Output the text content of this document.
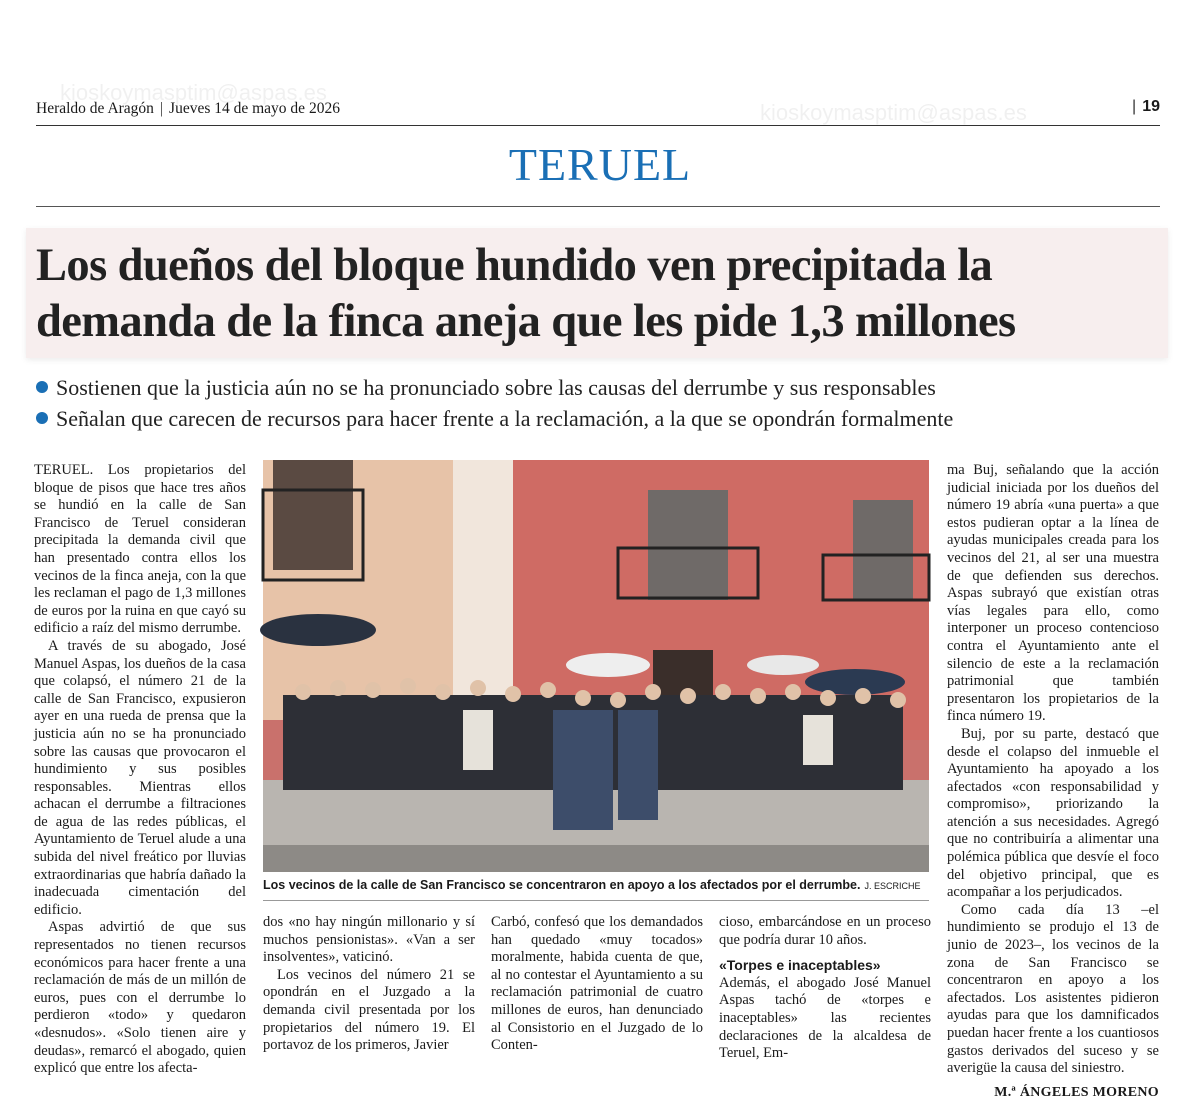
kioskoymasptim@aspas.es
kioskoymasptim@aspas.es
Heraldo de Aragón | Jueves 14 de mayo de 2026	| 19
TERUEL
Los dueños del bloque hundido ven precipitada la
demanda de la finca aneja que les pide 1,3 millones
Sostienen que la justicia aún no se ha pronunciado sobre las causas del derrumbe y sus responsables
Señalan que carecen de recursos para hacer frente a la reclamación, a la que se opondrán formalmente

TERUEL. Los propietarios del bloque de pisos que hace tres años se hundió en la calle de San Francisco de Teruel consideran precipitada la demanda civil que han presentado contra ellos los vecinos de la finca aneja, con la que les reclaman el pago de 1,3 millones de euros por la ruina en que cayó su edificio a raíz del mismo derrumbe.

A través de su abogado, José Manuel Aspas, los dueños de la casa que colapsó, el número 21 de la calle de San Francisco, expusieron ayer en una rueda de prensa que la justicia aún no se ha pronunciado sobre las causas que provocaron el hundimiento y sus posibles responsables. Mientras ellos achacan el derrumbe a filtraciones de agua de las redes públicas, el Ayuntamiento de Teruel alude a una subida del nivel freático por lluvias extraordinarias que habría dañado la inadecuada cimentación del edificio.

Aspas advirtió de que sus representados no tienen recursos económicos para hacer frente a una reclamación de más de un millón de euros, pues con el derrumbe lo perdieron «todo» y quedaron «desnudos». «Solo tienen aire y deudas», remarcó el abogado, quien explicó que entre los afecta-

Los vecinos de la calle de San Francisco se concentraron en apoyo a los afectados por el derrumbe. J. ESCRICHE

dos «no hay ningún millonario y sí muchos pensionistas». «Van a ser insolventes», vaticinó.

Los vecinos del número 21 se opondrán en el Juzgado a la demanda civil presentada por los propietarios del número 19. El portavoz de los primeros, Javier

Carbó, confesó que los demandados han quedado «muy tocados» moralmente, habida cuenta de que, al no contestar el Ayuntamiento a su reclamación patrimonial de cuatro millones de euros, han denunciado al Consistorio en el Juzgado de lo Conten-

cioso, embarcándose en un proceso que podría durar 10 años.

«Torpes e inaceptables»

Además, el abogado José Manuel Aspas tachó de «torpes e inaceptables» las recientes declaraciones de la alcaldesa de Teruel, Em-

ma Buj, señalando que la acción judicial iniciada por los dueños del número 19 abría «una puerta» a que estos pudieran optar a la línea de ayudas municipales creada para los vecinos del 21, al ser una muestra de que defienden sus derechos. Aspas subrayó que existían otras vías legales para ello, como interponer un proceso contencioso contra el Ayuntamiento ante el silencio de este a la reclamación patrimonial que también presentaron los propietarios de la finca número 19.

Buj, por su parte, destacó que desde el colapso del inmueble el Ayuntamiento ha apoyado a los afectados «con responsabilidad y compromiso», priorizando la atención a sus necesidades. Agregó que no contribuiría a alimentar una polémica pública que desvíe el foco del objetivo principal, que es acompañar a los perjudicados.

Como cada día 13 –el hundimiento se produjo el 13 de junio de 2023–, los vecinos de la zona de San Francisco se concentraron en apoyo a los afectados. Los asistentes pidieron ayudas para que los damnificados puedan hacer frente a los cuantiosos gastos derivados del suceso y se averigüe la causa del siniestro.

M.ª ÁNGELES MORENO
